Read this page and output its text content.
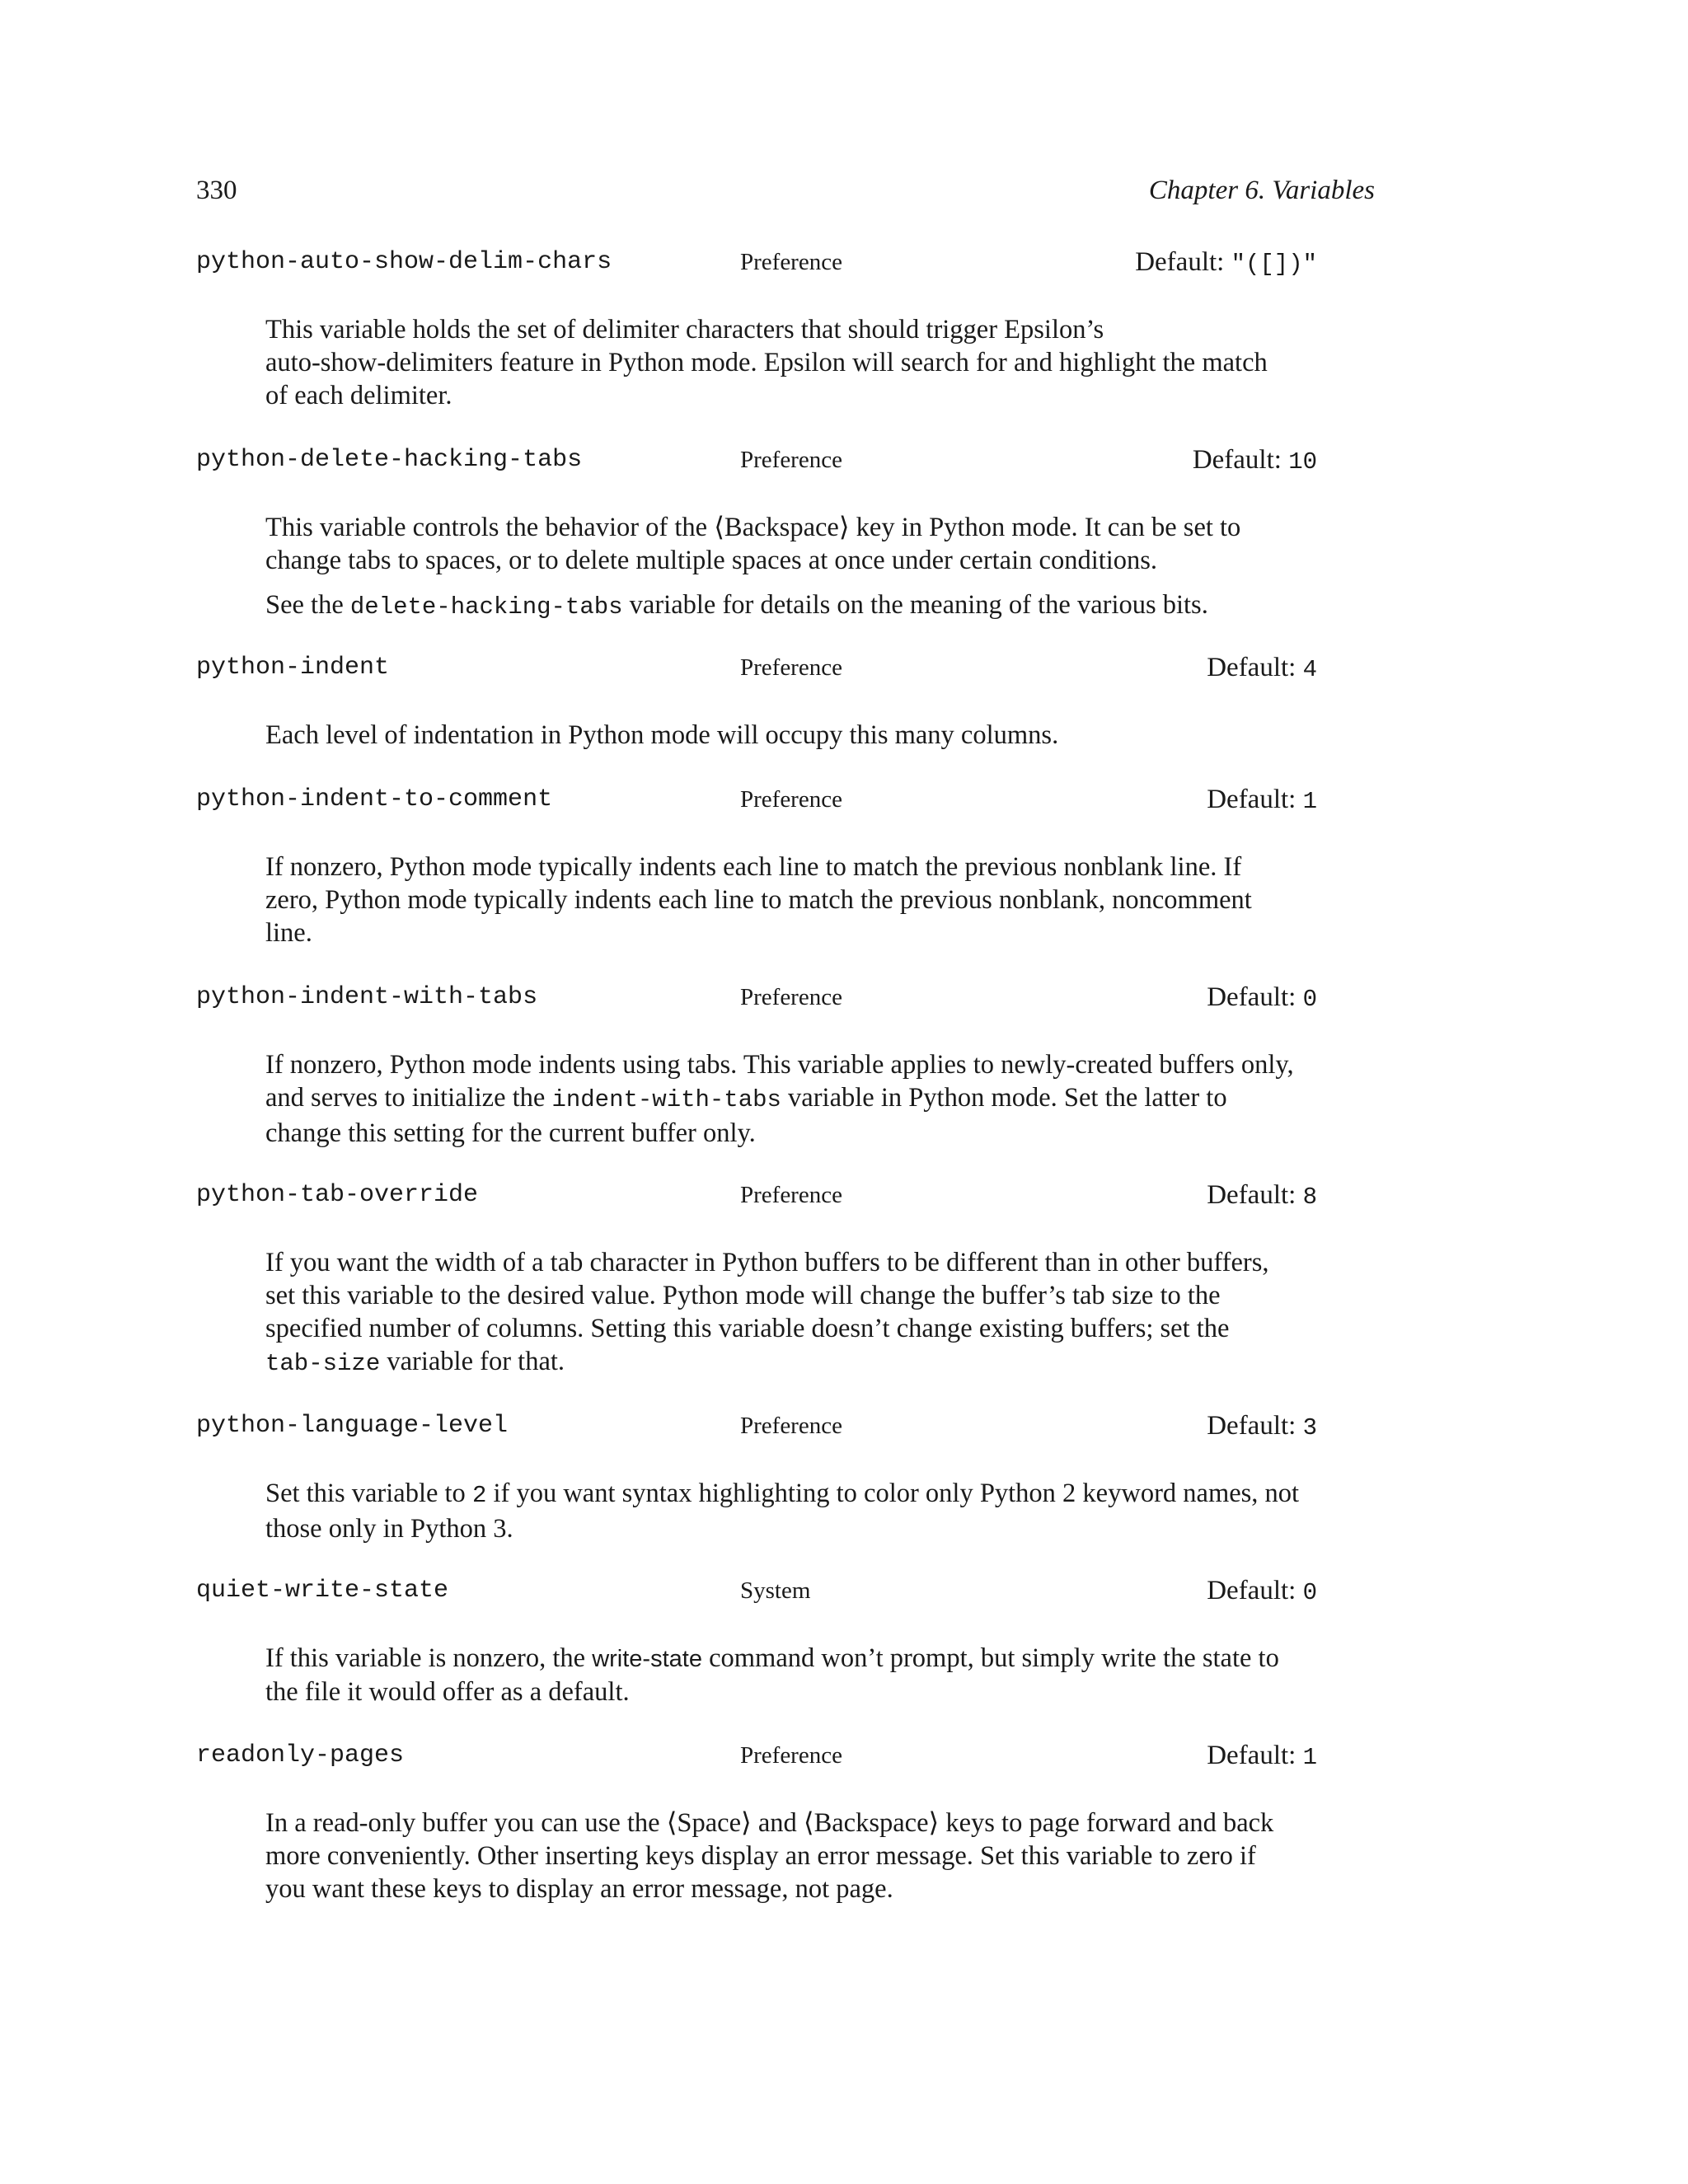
330	Chapter 6. Variables
python-auto-show-delim-chars	Preference	Default: "([])"

This variable holds the set of delimiter characters that should trigger Epsilon’s
auto-show-delimiters feature in Python mode. Epsilon will search for and highlight the match
of each delimiter.

python-delete-hacking-tabs	Preference	Default: 10

This variable controls the behavior of the ⟨ Backspace ⟩ key in Python mode. It can be set to
change tabs to spaces, or to delete multiple spaces at once under certain conditions.

See the delete-hacking-tabs variable for details on the meaning of the various bits.

python-indent	Preference	Default: 4

Each level of indentation in Python mode will occupy this many columns.

python-indent-to-comment	Preference	Default: 1

If nonzero, Python mode typically indents each line to match the previous nonblank line. If
zero, Python mode typically indents each line to match the previous nonblank, noncomment
line.

python-indent-with-tabs	Preference	Default: 0

If nonzero, Python mode indents using tabs. This variable applies to newly-created buffers only,
and serves to initialize the indent-with-tabs variable in Python mode. Set the latter to
change this setting for the current buffer only.

python-tab-override	Preference	Default: 8

If you want the width of a tab character in Python buffers to be different than in other buffers,
set this variable to the desired value. Python mode will change the buffer’s tab size to the
specified number of columns. Setting this variable doesn’t change existing buffers; set the
tab-size variable for that.

python-language-level	Preference	Default: 3

Set this variable to 2 if you want syntax highlighting to color only Python 2 keyword names, not
those only in Python 3.

quiet-write-state	System	Default: 0

If this variable is nonzero, the write-state command won’t prompt, but simply write the state to
the file it would offer as a default.

readonly-pages	Preference	Default: 1

In a read-only buffer you can use the ⟨ Space ⟩ and ⟨ Backspace ⟩ keys to page forward and back
more conveniently. Other inserting keys display an error message. Set this variable to zero if
you want these keys to display an error message, not page.
